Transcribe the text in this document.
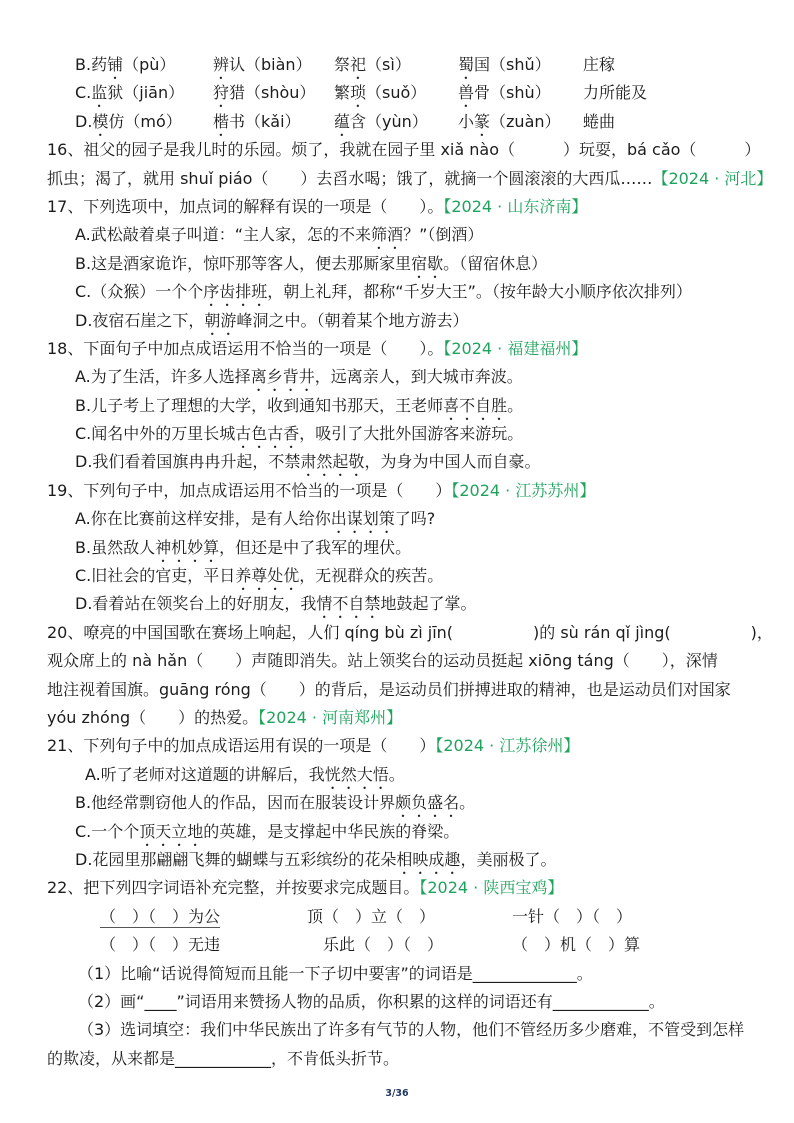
B.药铺（pù）	辨认（biàn）	祭祀（sì）	蜀国（shǔ）	庄稼
C.监狱（jiān）	狩猎（shòu）	繁琐（suǒ）	兽骨（shù）	力所能及
D.模仿（mó）	楷书（kǎi）	蕴含（yùn）	小篆（zuàn）	蜷曲
16、祖父的园子是我儿时的乐园。烦了，我就在园子里 xiǎ nào（　　　）玩耍，bá cǎo（　　　）
抓虫；渴了，就用 shuǐ piáo（　　）去舀水喝；饿了，就摘一个圆滚滚的大西瓜……【2024 · 河北】
17、下列选项中，加点词的解释有误的一项是（　　）。【2024 · 山东济南】
A.武松敲着桌子叫道：“主人家，怎的不来筛酒？”（倒酒）
B.这是酒家诡诈，惊吓那等客人，便去那厮家里宿歇。（留宿休息）
C.（众猴）一个个序齿排班，朝上礼拜，都称“千岁大王”。（按年龄大小顺序依次排列）
D.夜宿石崖之下，朝游峰洞之中。（朝着某个地方游去）
18、下面句子中加点成语运用不恰当的一项是（　　）。【2024 · 福建福州】
A.为了生活，许多人选择离乡背井，远离亲人，到大城市奔波。
B.儿子考上了理想的大学，收到通知书那天，王老师喜不自胜。
C.闻名中外的万里长城古色古香，吸引了大批外国游客来游玩。
D.我们看着国旗冉冉升起，不禁肃然起敬，为身为中国人而自豪。
19、下列句子中，加点成语运用不恰当的一项是（　　）【2024 · 江苏苏州】
A.你在比赛前这样安排，是有人给你出谋划策了吗?
B.虽然敌人神机妙算，但还是中了我军的埋伏。
C.旧社会的官吏，平日养尊处优，无视群众的疾苦。
D.看着站在领奖台上的好朋友，我情不自禁地鼓起了掌。
20、嘹亮的中国国歌在赛场上响起，人们 qíng bù zì jīn(　　　　　)的 sù rán qǐ jìng(　　　　　)，
观众席上的 nà hǎn（　　）声随即消失。站上领奖台的运动员挺起 xiōng táng（　　），深情
地注视着国旗。guāng róng（　　）的背后，是运动员们拼搏进取的精神，也是运动员们对国家
yóu zhóng（　　）的热爱。【2024 · 河南郑州】
21、下列句子中的加点成语运用有误的一项是（　　）【2024 · 江苏徐州】
A.听了老师对这道题的讲解后，我恍然大悟。
B.他经常剽窃他人的作品，因而在服装设计界颇负盛名。
C.一个个顶天立地的英雄，是支撑起中华民族的脊梁。
D.花园里那翩翩飞舞的蝴蝶与五彩缤纷的花朵相映成趣，美丽极了。
22、把下列四字词语补充完整，并按要求完成题目。【2024 · 陕西宝鸡】
（　）（　）为公	顶（　）立（　）	一针（　）（　）
（　）（　）无违	　乐此（　）（　）	（　）机（　）算
（1）比喻“话说得简短而且能一下子切中要害”的词语是_____________。
（2）画“____”词语用来赞扬人物的品质，你积累的这样的词语还有____________。
（3）选词填空：我们中华民族出了许多有气节的人物，他们不管经历多少磨难，不管受到怎样
的欺凌，从来都是____________，不肯低头折节。
3/36
